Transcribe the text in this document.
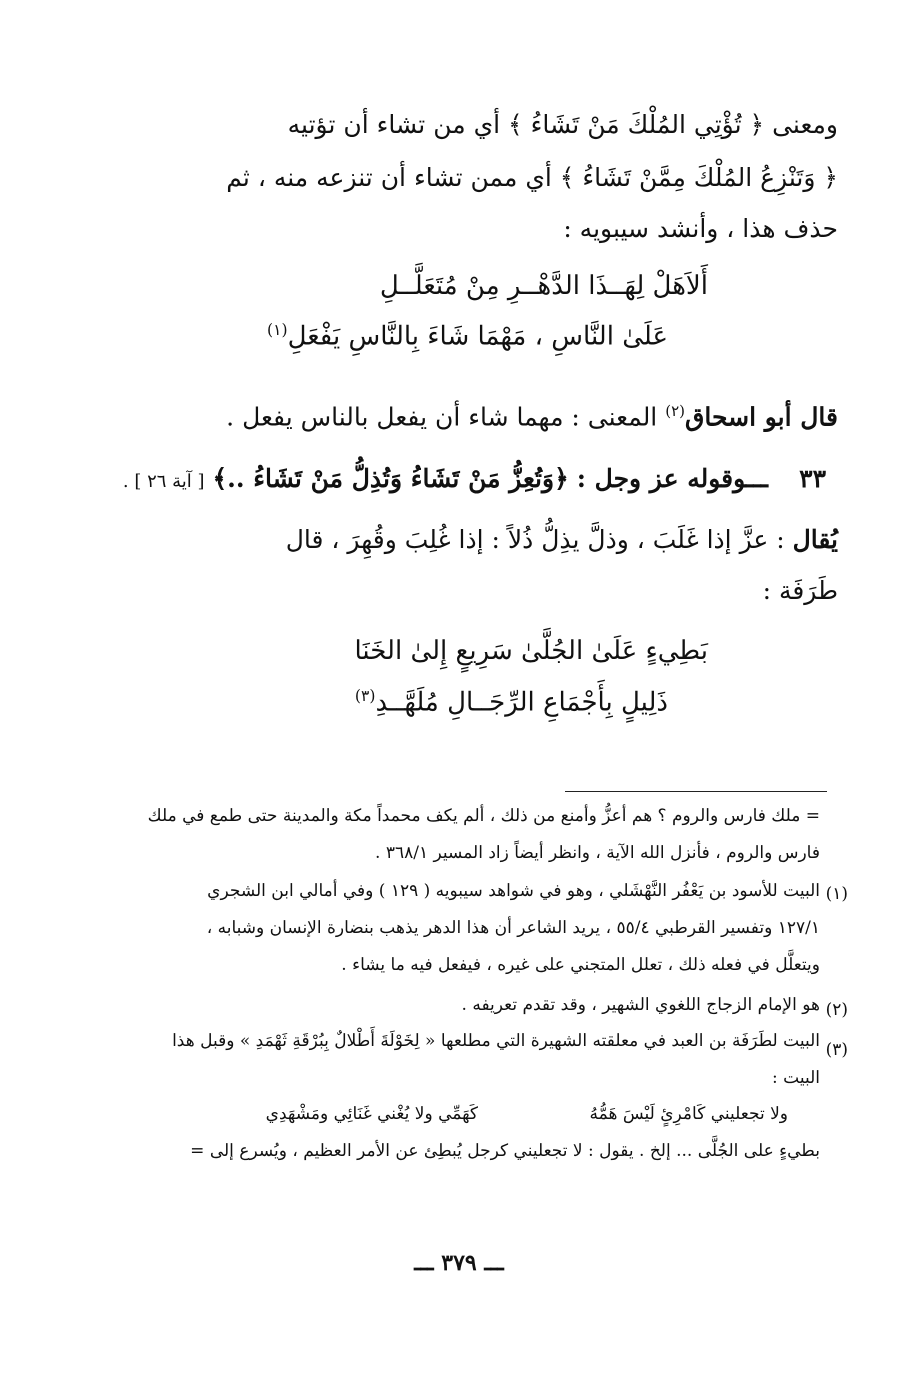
ومعنى ﴿ تُؤْتِي المُلْكَ مَنْ تَشَاءُ ﴾ أي من تشاء أن تؤتيه
﴿ وَتَنْزِعُ المُلْكَ مِمَّنْ تَشَاءُ ﴾ أي ممن تشاء أن تنزعه منه ، ثم
حذف هذا ، وأنشد سيبويه :
أَلاَهَلْ لِهَــذَا الدَّهْــرِ مِنْ مُتَعَلَّــلِ
عَلَىٰ النَّاسِ ، مَهْمَا شَاءَ بِالنَّاسِ يَفْعَلِ$^{(١)}$
قال أبو اسحاق$^{(٢)}$ المعنى : مهما شاء أن يفعل بالناس يفعل .
٣٣
ـــوقوله عز وجل : ﴿وَتُعِزُّ مَنْ تَشَاءُ وَتُذِلُّ مَنْ تَشَاءُ ..﴾ [ آية ٢٦ ] .
يُقال : عزَّ إذا غَلَبَ ، وذلَّ يذِلُّ ذُلاً : إذا غُلِبَ وقُهِرَ ، قال
طَرَفَة :
بَطِيءٍ عَلَىٰ الجُلَّىٰ سَرِيعٍ إِلىٰ الخَنَا
ذَلِيلٍ بِأَجْمَاعِ الرِّجَــالِ مُلَهَّــدِ$^{(٣)}$
= ملك فارس والروم ؟ هم أعزُّ وأمنع من ذلك ، ألم يكف محمداً مكة والمدينة حتى طمع في ملك
فارس والروم ، فأنزل الله الآية ، وانظر أيضاً زاد المسير ٣٦٨/١ .
(١)
البيت للأسود بن يَعْفُر النَّهْشَلي ، وهو في شواهد سيبويه ( ١٢٩ ) وفي أمالي ابن الشجري
١٢٧/١ وتفسير القرطبي ٥٥/٤ ، يريد الشاعر أن هذا الدهر يذهب بنضارة الإنسان وشبابه ،
ويتعلَّل في فعله ذلك ، تعلل المتجني على غيره ، فيفعل فيه ما يشاء .
(٢)
هو الإمام الزجاج اللغوي الشهير ، وقد تقدم تعريفه .
(٣)
البيت لطَرَفَة بن العبد في معلقته الشهيرة التي مطلعها « لِخَوْلَةَ أَطْلالٌ بِبُرْقَةِ ثَهْمَدِ » وقبل هذا
البيت :
ولا تجعليني كَامْرِئٍ لَيْسَ هَمُّهُ
كَهَمِّي ولا يُغْني غَنَائِي ومَشْهَدِي
بطيءٍ على الجُلَّى ... إلخ . يقول : لا تجعليني كرجل يُبطِئ عن الأمر العظيم ، ويُسرع إلى =
ـــ ٣٧٩ ـــ
